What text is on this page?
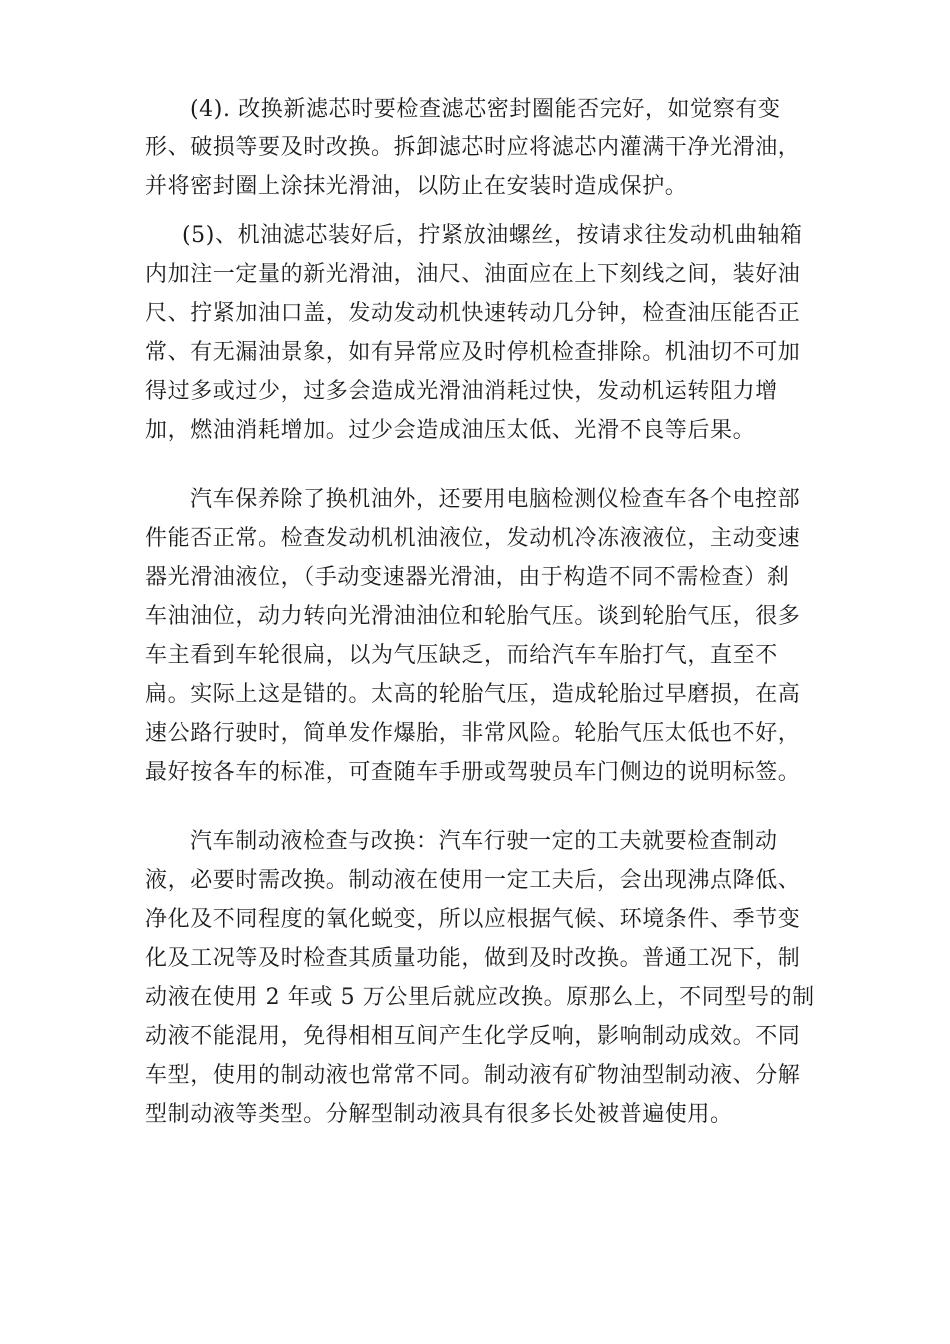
(4). 改换新滤芯时要检查滤芯密封圈能否完好，如觉察有变
形、破损等要及时改换。拆卸滤芯时应将滤芯内灌满干净光滑油，
并将密封圈上涂抹光滑油，以防止在安装时造成保护。
(5)、机油滤芯装好后，拧紧放油螺丝，按请求往发动机曲轴箱
内加注一定量的新光滑油，油尺、油面应在上下刻线之间，装好油
尺、拧紧加油口盖，发动发动机快速转动几分钟，检查油压能否正
常、有无漏油景象，如有异常应及时停机检查排除。机油切不可加
得过多或过少，过多会造成光滑油消耗过快，发动机运转阻力增
加，燃油消耗增加。过少会造成油压太低、光滑不良等后果。
汽车保养除了换机油外，还要用电脑检测仪检查车各个电控部
件能否正常。检查发动机机油液位，发动机冷冻液液位，主动变速
器光滑油液位，（手动变速器光滑油，由于构造不同不需检查）刹
车油油位，动力转向光滑油油位和轮胎气压。谈到轮胎气压，很多
车主看到车轮很扁，以为气压缺乏，而给汽车车胎打气，直至不
扁。实际上这是错的。太高的轮胎气压，造成轮胎过早磨损，在高
速公路行驶时，简单发作爆胎，非常风险。轮胎气压太低也不好，
最好按各车的标准，可查随车手册或驾驶员车门侧边的说明标签。
汽车制动液检查与改换：汽车行驶一定的工夫就要检查制动
液，必要时需改换。制动液在使用一定工夫后，会出现沸点降低、
净化及不同程度的氧化蜕变，所以应根据气候、环境条件、季节变
化及工况等及时检查其质量功能，做到及时改换。普通工况下，制
动液在使用 2 年或 5 万公里后就应改换。原那么上，不同型号的制
动液不能混用，免得相相互间产生化学反响，影响制动成效。不同
车型，使用的制动液也常常不同。制动液有矿物油型制动液、分解
型制动液等类型。分解型制动液具有很多长处被普遍使用。
